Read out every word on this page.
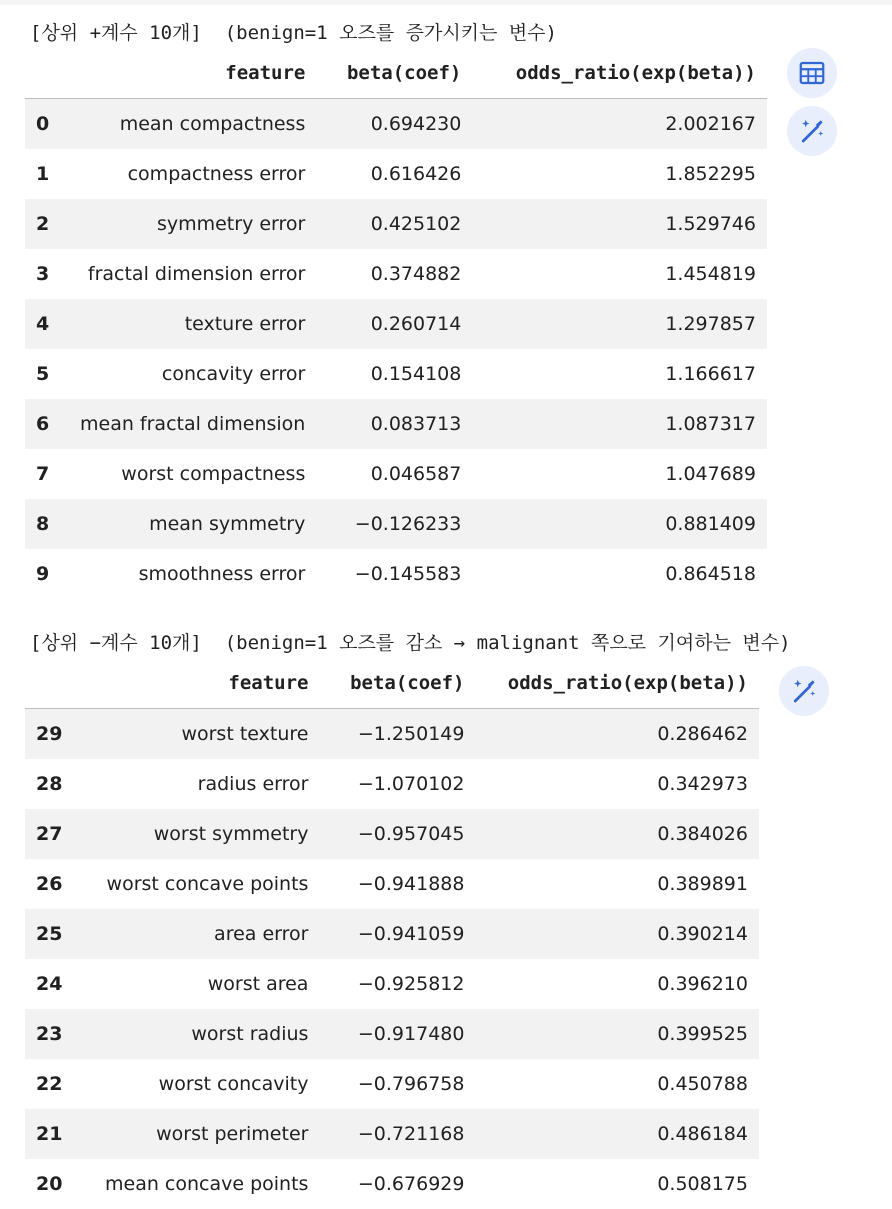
[상위 +계수 10개]  (benign=1 오즈를 증가시키는 변수)
	feature	beta(coef)	odds_ratio(exp(beta))
0	mean compactness	0.694230	2.002167
1	compactness error	0.616426	1.852295
2	symmetry error	0.425102	1.529746
3	fractal dimension error	0.374882	1.454819
4	texture error	0.260714	1.297857
5	concavity error	0.154108	1.166617
6	mean fractal dimension	0.083713	1.087317
7	worst compactness	0.046587	1.047689
8	mean symmetry	−0.126233	0.881409
9	smoothness error	−0.145583	0.864518
[상위 −계수 10개]  (benign=1 오즈를 감소 → malignant 쪽으로 기여하는 변수)
	feature	beta(coef)	odds_ratio(exp(beta))
29	worst texture	−1.250149	0.286462
28	radius error	−1.070102	0.342973
27	worst symmetry	−0.957045	0.384026
26	worst concave points	−0.941888	0.389891
25	area error	−0.941059	0.390214
24	worst area	−0.925812	0.396210
23	worst radius	−0.917480	0.399525
22	worst concavity	−0.796758	0.450788
21	worst perimeter	−0.721168	0.486184
20	mean concave points	−0.676929	0.508175
